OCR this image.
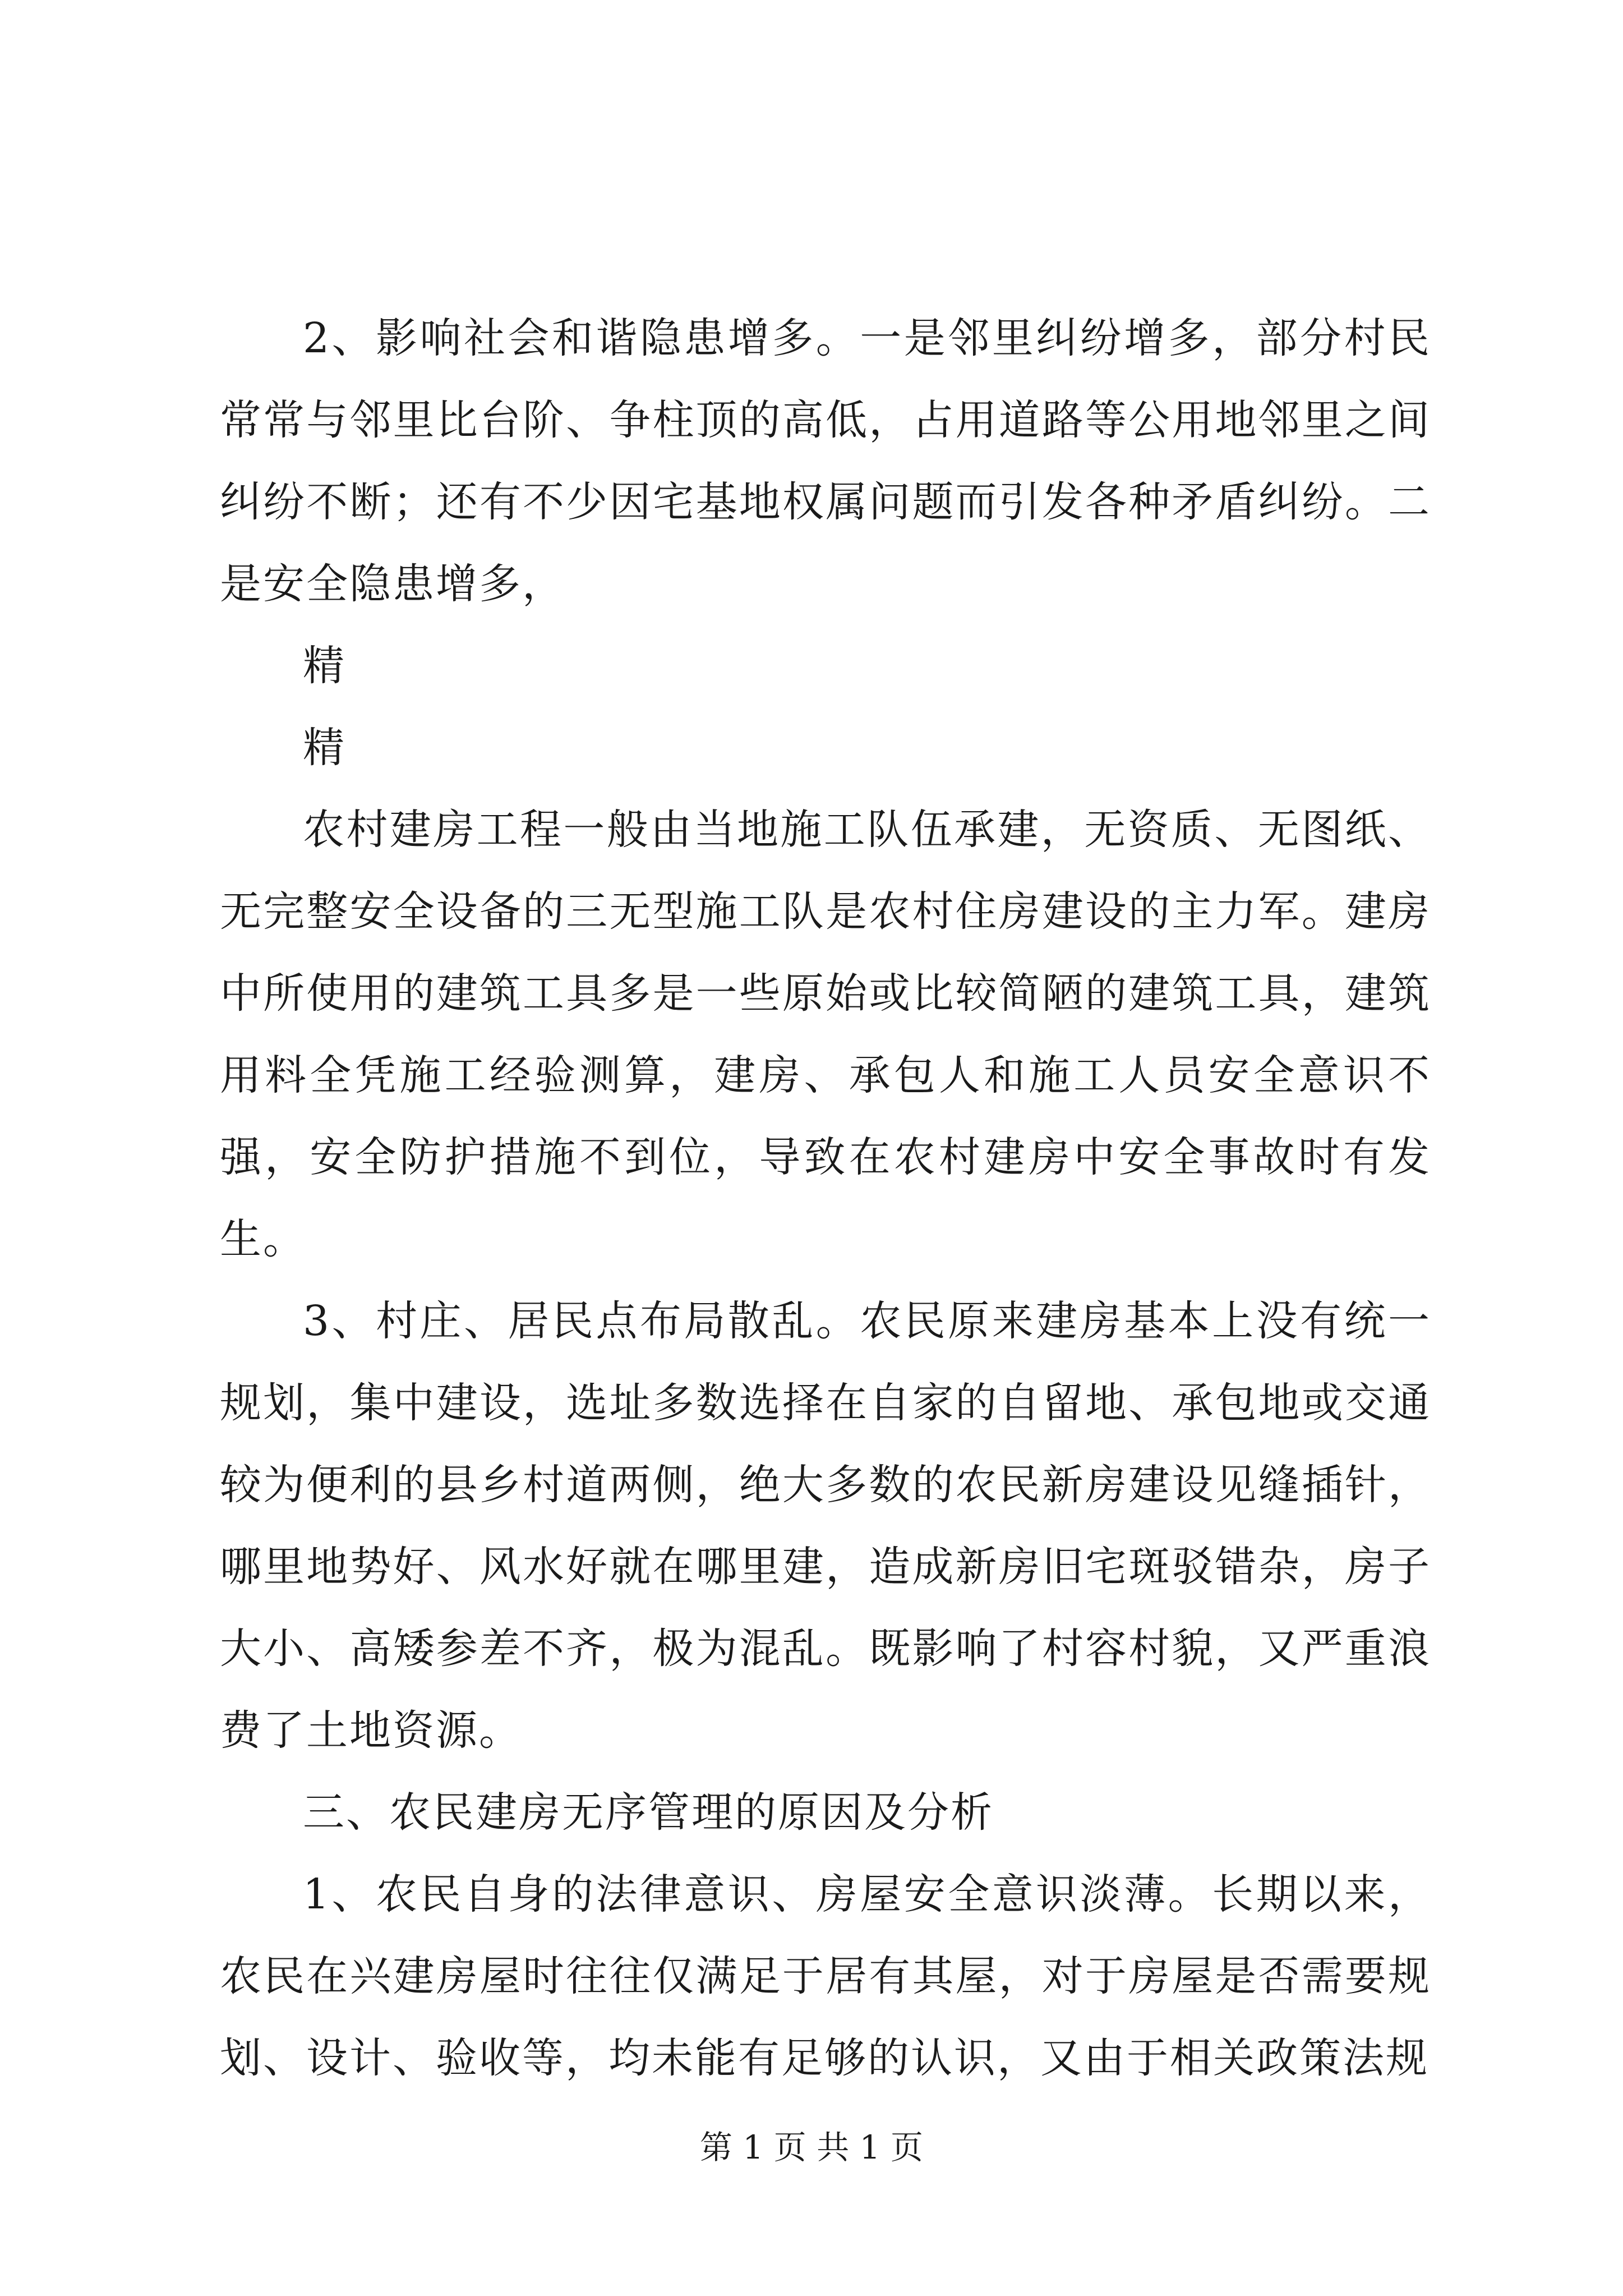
2、影响社会和谐隐患增多。一是邻里纠纷增多，部分村民常常与邻里比台阶、争柱顶的高低，占用道路等公用地邻里之间纠纷不断；还有不少因宅基地权属问题而引发各种矛盾纠纷。二是安全隐患增多，

精

精

农村建房工程一般由当地施工队伍承建，无资质、无图纸、无完整安全设备的三无型施工队是农村住房建设的主力军。建房中所使用的建筑工具多是一些原始或比较简陋的建筑工具，建筑用料全凭施工经验测算，建房、承包人和施工人员安全意识不强，安全防护措施不到位，导致在农村建房中安全事故时有发生。

3、村庄、居民点布局散乱。农民原来建房基本上没有统一规划，集中建设，选址多数选择在自家的自留地、承包地或交通较为便利的县乡村道两侧，绝大多数的农民新房建设见缝插针，哪里地势好、风水好就在哪里建，造成新房旧宅斑驳错杂，房子大小、高矮参差不齐，极为混乱。既影响了村容村貌，又严重浪费了土地资源。

三、农民建房无序管理的原因及分析

1、农民自身的法律意识、房屋安全意识淡薄。长期以来，农民在兴建房屋时往往仅满足于居有其屋，对于房屋是否需要规划、设计、验收等，均未能有足够的认识，又由于相关政策法规

第 1 页 共 1 页
